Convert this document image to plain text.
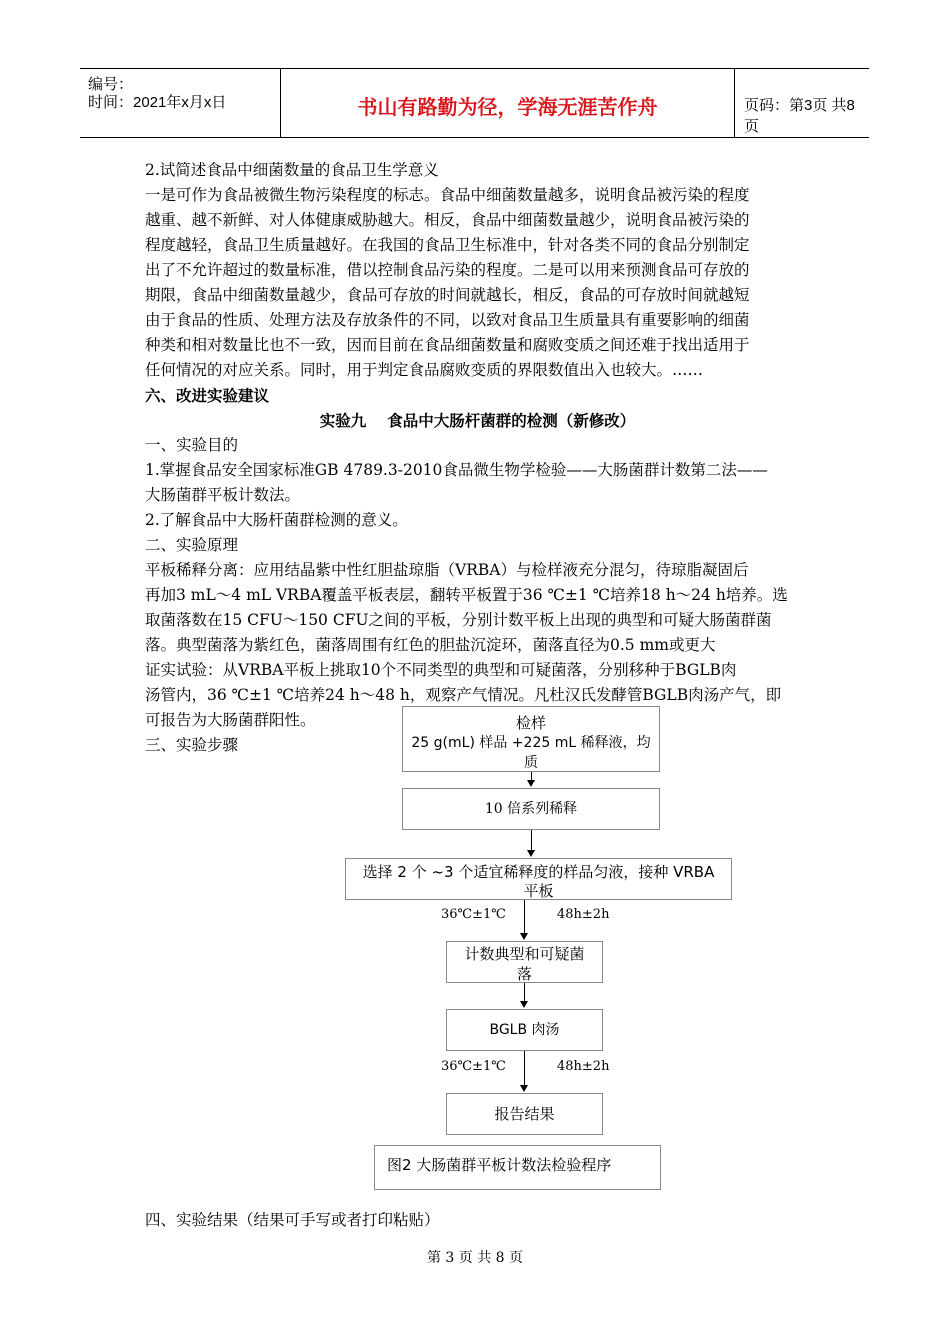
编号：
时间：2021年x月x日	书山有路勤为径，学海无涯苦作舟	页码：第3页 共8页

2.试简述食品中细菌数量的食品卫生学意义

一是可作为食品被微生物污染程度的标志。食品中细菌数量越多，说明食品被污染的程度

越重、越不新鲜、对人体健康威胁越大。相反，食品中细菌数量越少，说明食品被污染的

程度越轻，食品卫生质量越好。在我国的食品卫生标准中，针对各类不同的食品分别制定

出了不允许超过的数量标准，借以控制食品污染的程度。二是可以用来预测食品可存放的

期限，食品中细菌数量越少，食品可存放的时间就越长，相反，食品的可存放时间就越短

由于食品的性质、处理方法及存放条件的不同，以致对食品卫生质量具有重要影响的细菌

种类和相对数量比也不一致，因而目前在食品细菌数量和腐败变质之间还难于找出适用于

任何情况的对应关系。同时，用于判定食品腐败变质的界限数值出入也较大。……

六、改进实验建议

实验九　 食品中大肠杆菌群的检测（新修改）

一、实验目的

1.掌握食品安全国家标准GB 4789.3-2010食品微生物学检验——大肠菌群计数第二法——

大肠菌群平板计数法。

2.了解食品中大肠杆菌群检测的意义。

二、实验原理

平板稀释分离：应用结晶紫中性红胆盐琼脂（VRBA）与检样液充分混匀，待琼脂凝固后

再加3 mL～4 mL VRBA覆盖平板表层，翻转平板置于36 ℃±1 ℃培养18 h～24 h培养。选

取菌落数在15 CFU～150 CFU之间的平板，分别计数平板上出现的典型和可疑大肠菌群菌

落。典型菌落为紫红色，菌落周围有红色的胆盐沉淀环，菌落直径为0.5 mm或更大

证实试验：从VRBA平板上挑取10个不同类型的典型和可疑菌落，分别移种于BGLB肉

汤管内，36 ℃±1 ℃培养24 h～48 h，观察产气情况。凡杜汉氏发酵管BGLB肉汤产气，即

可报告为大肠菌群阳性。

三、实验步骤

检样
25 g(mL) 样品 +225 mL 稀释液，均
质
10 倍系列稀释
选择 2 个 ~3 个适宜稀释度的样品匀液，接种 VRBA
平板
36℃±1℃	48h±2h
计数典型和可疑菌
落
BGLB 肉汤
36℃±1℃	48h±2h
报告结果
图2 大肠菌群平板计数法检验程序
四、实验结果（结果可手写或者打印粘贴）
第 3 页 共 8 页
